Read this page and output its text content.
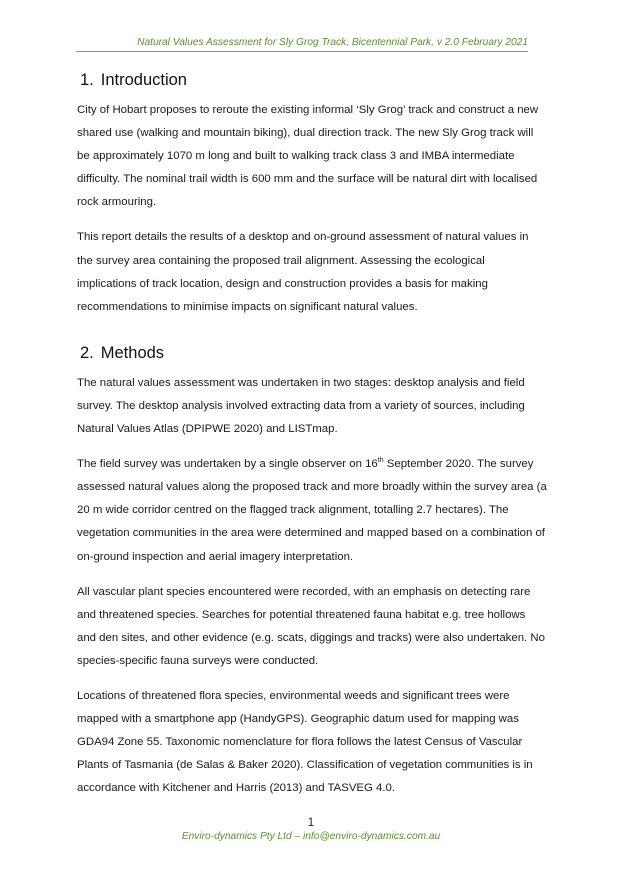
Natural Values Assessment for Sly Grog Track, Bicentennial Park, v 2.0 February 2021
1. Introduction

City of Hobart proposes to reroute the existing informal ‘Sly Grog’ track and construct a new shared use (walking and mountain biking), dual direction track. The new Sly Grog track will be approximately 1070 m long and built to walking track class 3 and IMBA intermediate difficulty. The nominal trail width is 600 mm and the surface will be natural dirt with localised rock armouring.

This report details the results of a desktop and on-ground assessment of natural values in the survey area containing the proposed trail alignment. Assessing the ecological implications of track location, design and construction provides a basis for making recommendations to minimise impacts on significant natural values.

2. Methods

The natural values assessment was undertaken in two stages: desktop analysis and field survey. The desktop analysis involved extracting data from a variety of sources, including Natural Values Atlas (DPIPWE 2020) and LISTmap.

The field survey was undertaken by a single observer on 16th September 2020. The survey assessed natural values along the proposed track and more broadly within the survey area (a 20 m wide corridor centred on the flagged track alignment, totalling 2.7 hectares). The vegetation communities in the area were determined and mapped based on a combination of on-ground inspection and aerial imagery interpretation.

All vascular plant species encountered were recorded, with an emphasis on detecting rare and threatened species. Searches for potential threatened fauna habitat e.g. tree hollows and den sites, and other evidence (e.g. scats, diggings and tracks) were also undertaken. No species-specific fauna surveys were conducted.

Locations of threatened flora species, environmental weeds and significant trees were mapped with a smartphone app (HandyGPS). Geographic datum used for mapping was GDA94 Zone 55. Taxonomic nomenclature for flora follows the latest Census of Vascular Plants of Tasmania (de Salas & Baker 2020). Classification of vegetation communities is in accordance with Kitchener and Harris (2013) and TASVEG 4.0.

1
Enviro-dynamics Pty Ltd – info@enviro-dynamics.com.au
